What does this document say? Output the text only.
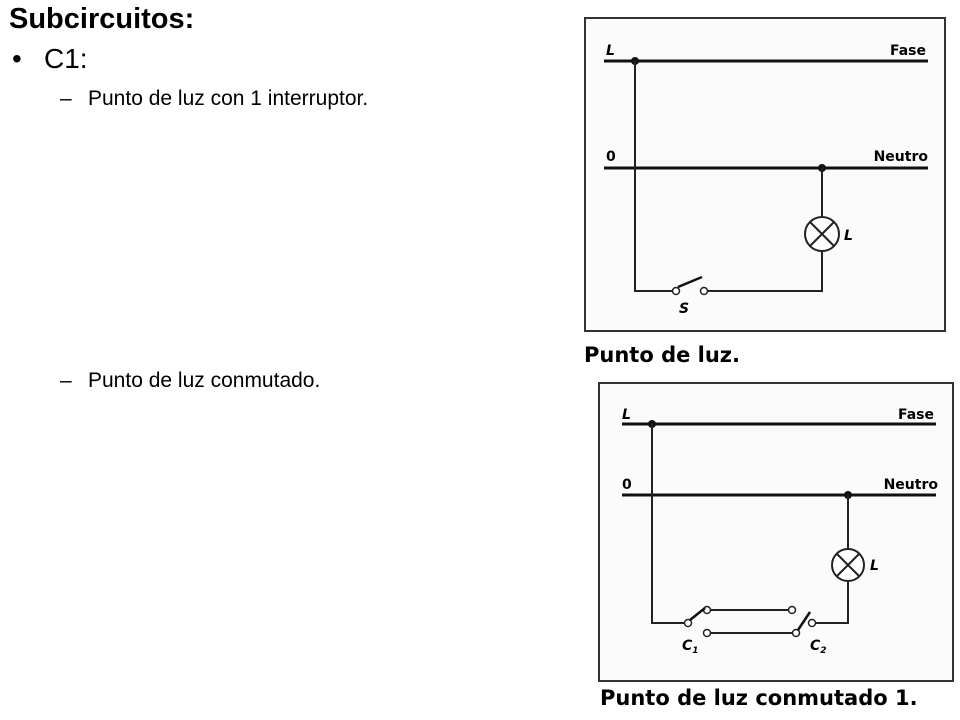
Subcircuitos:
• C1:
– Punto de luz con 1 interruptor.
– Punto de luz conmutado.
L	Fase
0	Neutro
L
S
Punto de luz.
L	Fase
0	Neutro
L
$C_1$	$C_2$
Punto de luz conmutado 1.
